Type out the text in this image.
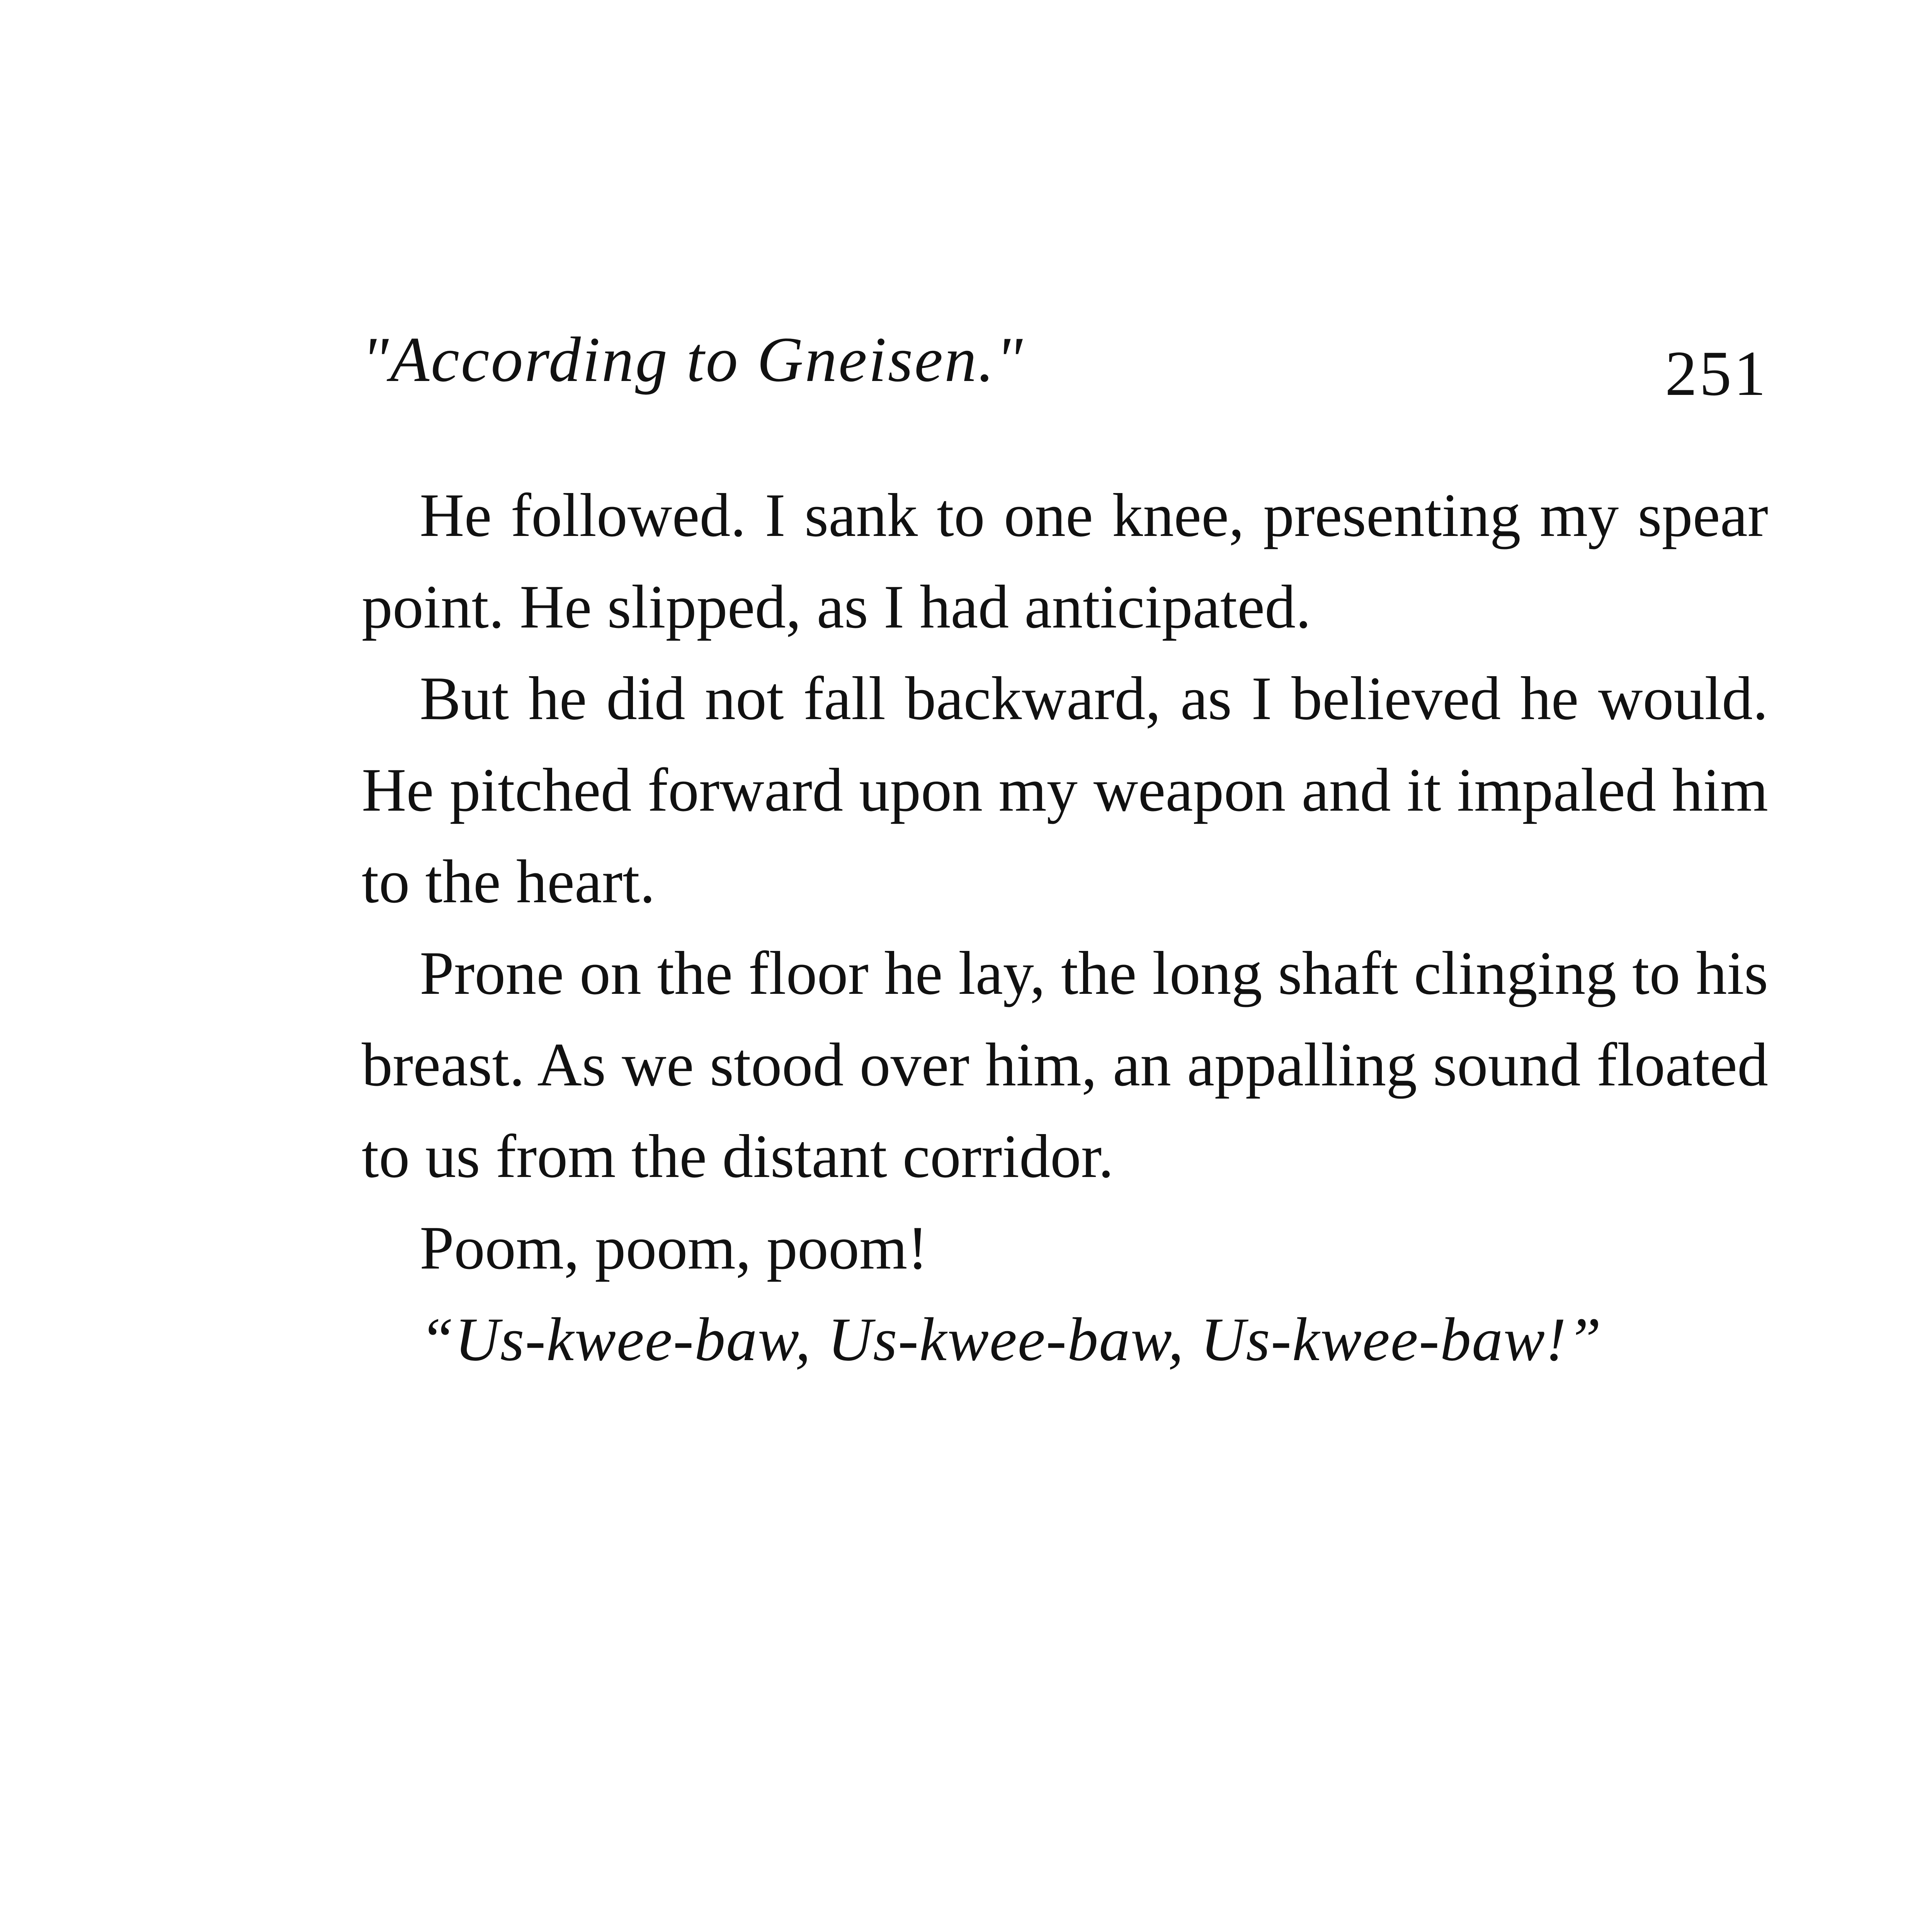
"According to Gneisen."	251

He followed. I sank to one knee, presenting my spear point. He slipped, as I had anticipated.

But he did not fall backward, as I believed he would. He pitched forward upon my weapon and it impaled him to the heart.

Prone on the floor he lay, the long shaft clinging to his breast. As we stood over him, an appalling sound floated to us from the distant corridor.

Poom, poom, poom!

“Us-kwee-baw, Us-kwee-baw, Us-kwee-baw!”
